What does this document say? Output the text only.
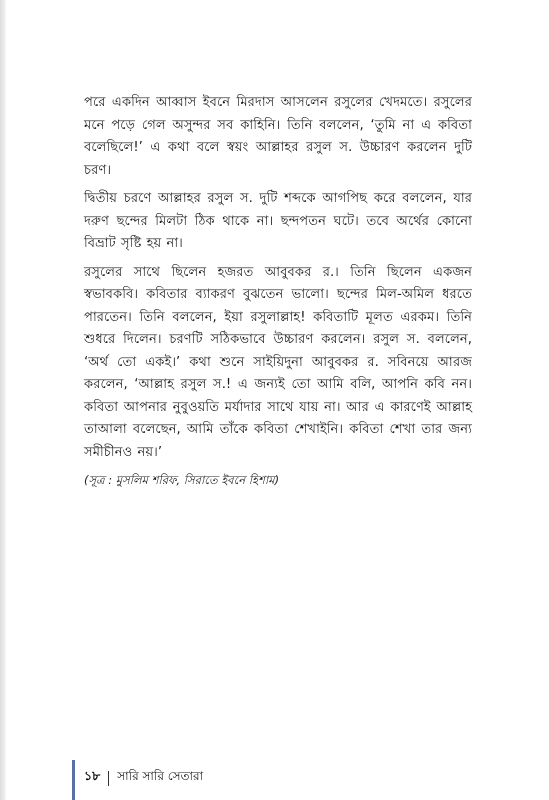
পরে একদিন আব্বাস ইবনে মিরদাস আসলেন রসুলের খেদমতে। রসুলের মনে পড়ে গেল অসুন্দর সব কাহিনি। তিনি বললেন, ‘তুমি না এ কবিতা বলেছিলে!’ এ কথা বলে স্বয়ং আল্লাহর রসুল স. উচ্চারণ করলেন দুটি চরণ।

দ্বিতীয় চরণে আল্লাহর রসুল স. দুটি শব্দকে আগপিছ করে বললেন, যার দরুণ ছন্দের মিলটা ঠিক থাকে না। ছন্দপতন ঘটে। তবে অর্থের কোনো বিভ্রাট সৃষ্টি হয় না।

রসুলের সাথে ছিলেন হজরত আবুবকর র.। তিনি ছিলেন একজন স্বভাবকবি। কবিতার ব্যাকরণ বুঝতেন ভালো। ছন্দের মিল-অমিল ধরতে পারতেন। তিনি বললেন, ইয়া রসুলাল্লাহ! কবিতাটি মূলত এরকম। তিনি শুধরে দিলেন। চরণটি সঠিকভাবে উচ্চারণ করলেন। রসুল স. বললেন, ‘অর্থ তো একই।’ কথা শুনে সাইয়িদুনা আবুবকর র. সবিনয়ে আরজ করলেন, ‘আল্লাহ রসুল স.! এ জন্যই তো আমি বলি, আপনি কবি নন। কবিতা আপনার নুবুওয়তি মর্যাদার সাথে যায় না। আর এ কারণেই আল্লাহ তাআলা বলেছেন, আমি তাঁকে কবিতা শেখাইনি। কবিতা শেখা তার জন্য সমীচীনও নয়।’

(সূত্র : মুসলিম শরিফ, সিরাতে ইবনে হিশাম)

১৮ সারি সারি সেতারা
